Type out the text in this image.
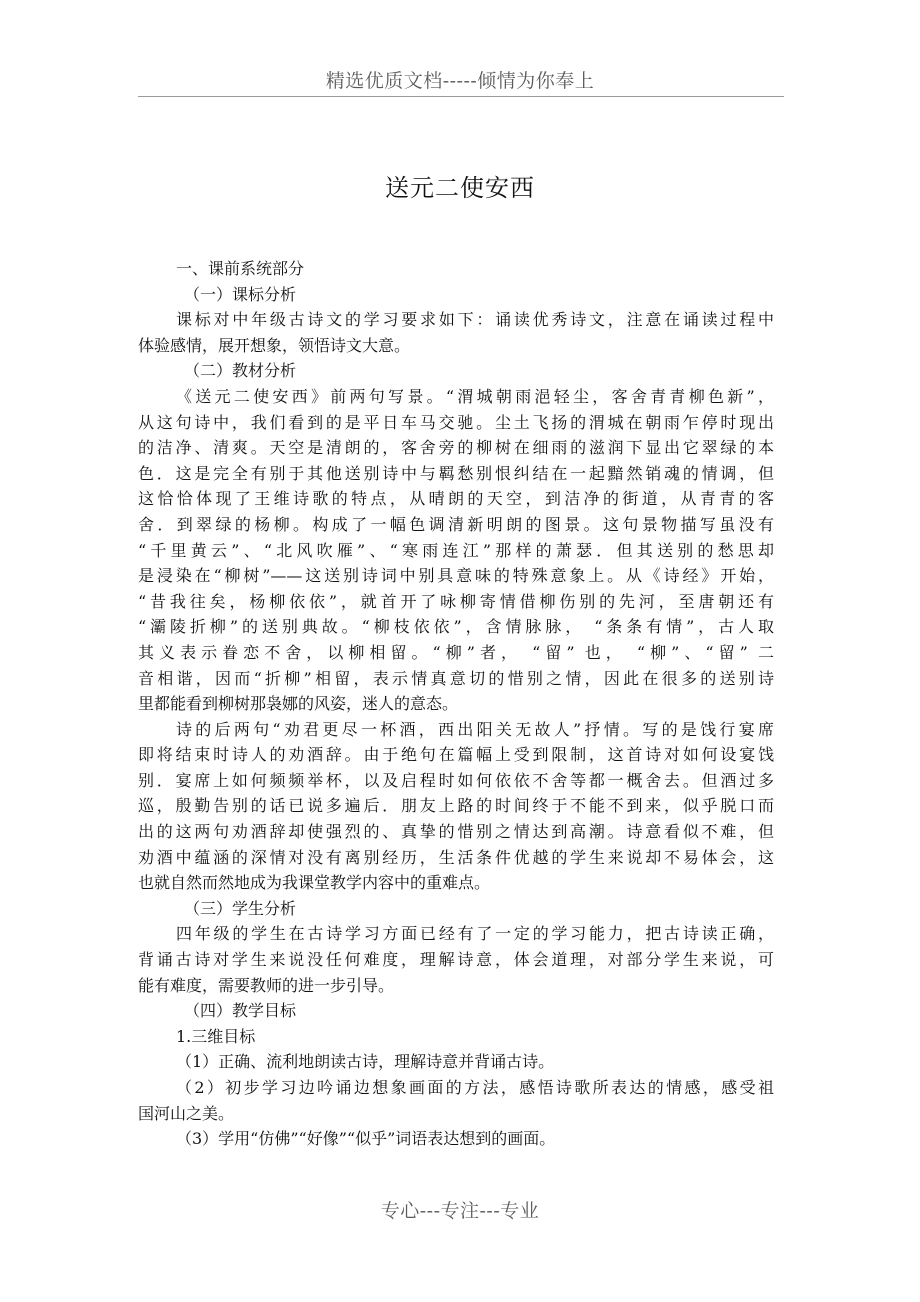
精选优质文档-----倾情为你奉上
送元二使安西
一、课前系统部分
（一）课标分析
课标对中年级古诗文的学习要求如下：诵读优秀诗文，注意在诵读过程中
体验感情，展开想象，领悟诗文大意。
（二）教材分析
《送元二使安西》前两句写景。“渭城朝雨浥轻尘，客舍青青柳色新”，
从这句诗中，我们看到的是平日车马交驰。尘土飞扬的渭城在朝雨乍停时现出
的洁净、清爽。天空是清朗的，客舍旁的柳树在细雨的滋润下显出它翠绿的本
色．这是完全有别于其他送别诗中与羁愁别恨纠结在一起黯然销魂的情调，但
这恰恰体现了王维诗歌的特点，从晴朗的天空，到洁净的街道，从青青的客
舍．到翠绿的杨柳。构成了一幅色调清新明朗的图景。这句景物描写虽没有
“千里黄云”、“北风吹雁”、“寒雨连江”那样的萧瑟．但其送别的愁思却
是浸染在“柳树”——这送别诗词中别具意味的特殊意象上。从《诗经》开始，
“昔我往矣，杨柳依依”，就首开了咏柳寄情借柳伤别的先河，至唐朝还有
“灞陵折柳”的送别典故。“柳枝依依”，含情脉脉， “条条有情”，古人取
其义表示眷恋不舍，以柳相留。“柳”者， “留” 也， “柳”、“留” 二
音相谐，因而“折柳”相留，表示情真意切的惜别之情，因此在很多的送别诗
里都能看到柳树那袅娜的风姿，迷人的意态。
诗的后两句“劝君更尽一杯酒，西出阳关无故人”抒情。写的是饯行宴席
即将结束时诗人的劝酒辞。由于绝句在篇幅上受到限制，这首诗对如何设宴饯
别．宴席上如何频频举杯，以及启程时如何依依不舍等都一概舍去。但酒过多
巡，殷勤告别的话已说多遍后．朋友上路的时间终于不能不到来，似乎脱口而
出的这两句劝酒辞却使强烈的、真挚的惜别之情达到高潮。诗意看似不难，但
劝酒中蕴涵的深情对没有离别经历，生活条件优越的学生来说却不易体会，这
也就自然而然地成为我课堂教学内容中的重难点。
（三）学生分析
四年级的学生在古诗学习方面已经有了一定的学习能力，把古诗读正确，
背诵古诗对学生来说没任何难度，理解诗意，体会道理，对部分学生来说，可
能有难度，需要教师的进一步引导。
（四）教学目标
1.三维目标
（1）正确、流利地朗读古诗，理解诗意并背诵古诗。
（2）初步学习边吟诵边想象画面的方法，感悟诗歌所表达的情感，感受祖
国河山之美。
（3）学用“仿佛”“好像”“似乎”词语表达想到的画面。
专心---专注---专业
